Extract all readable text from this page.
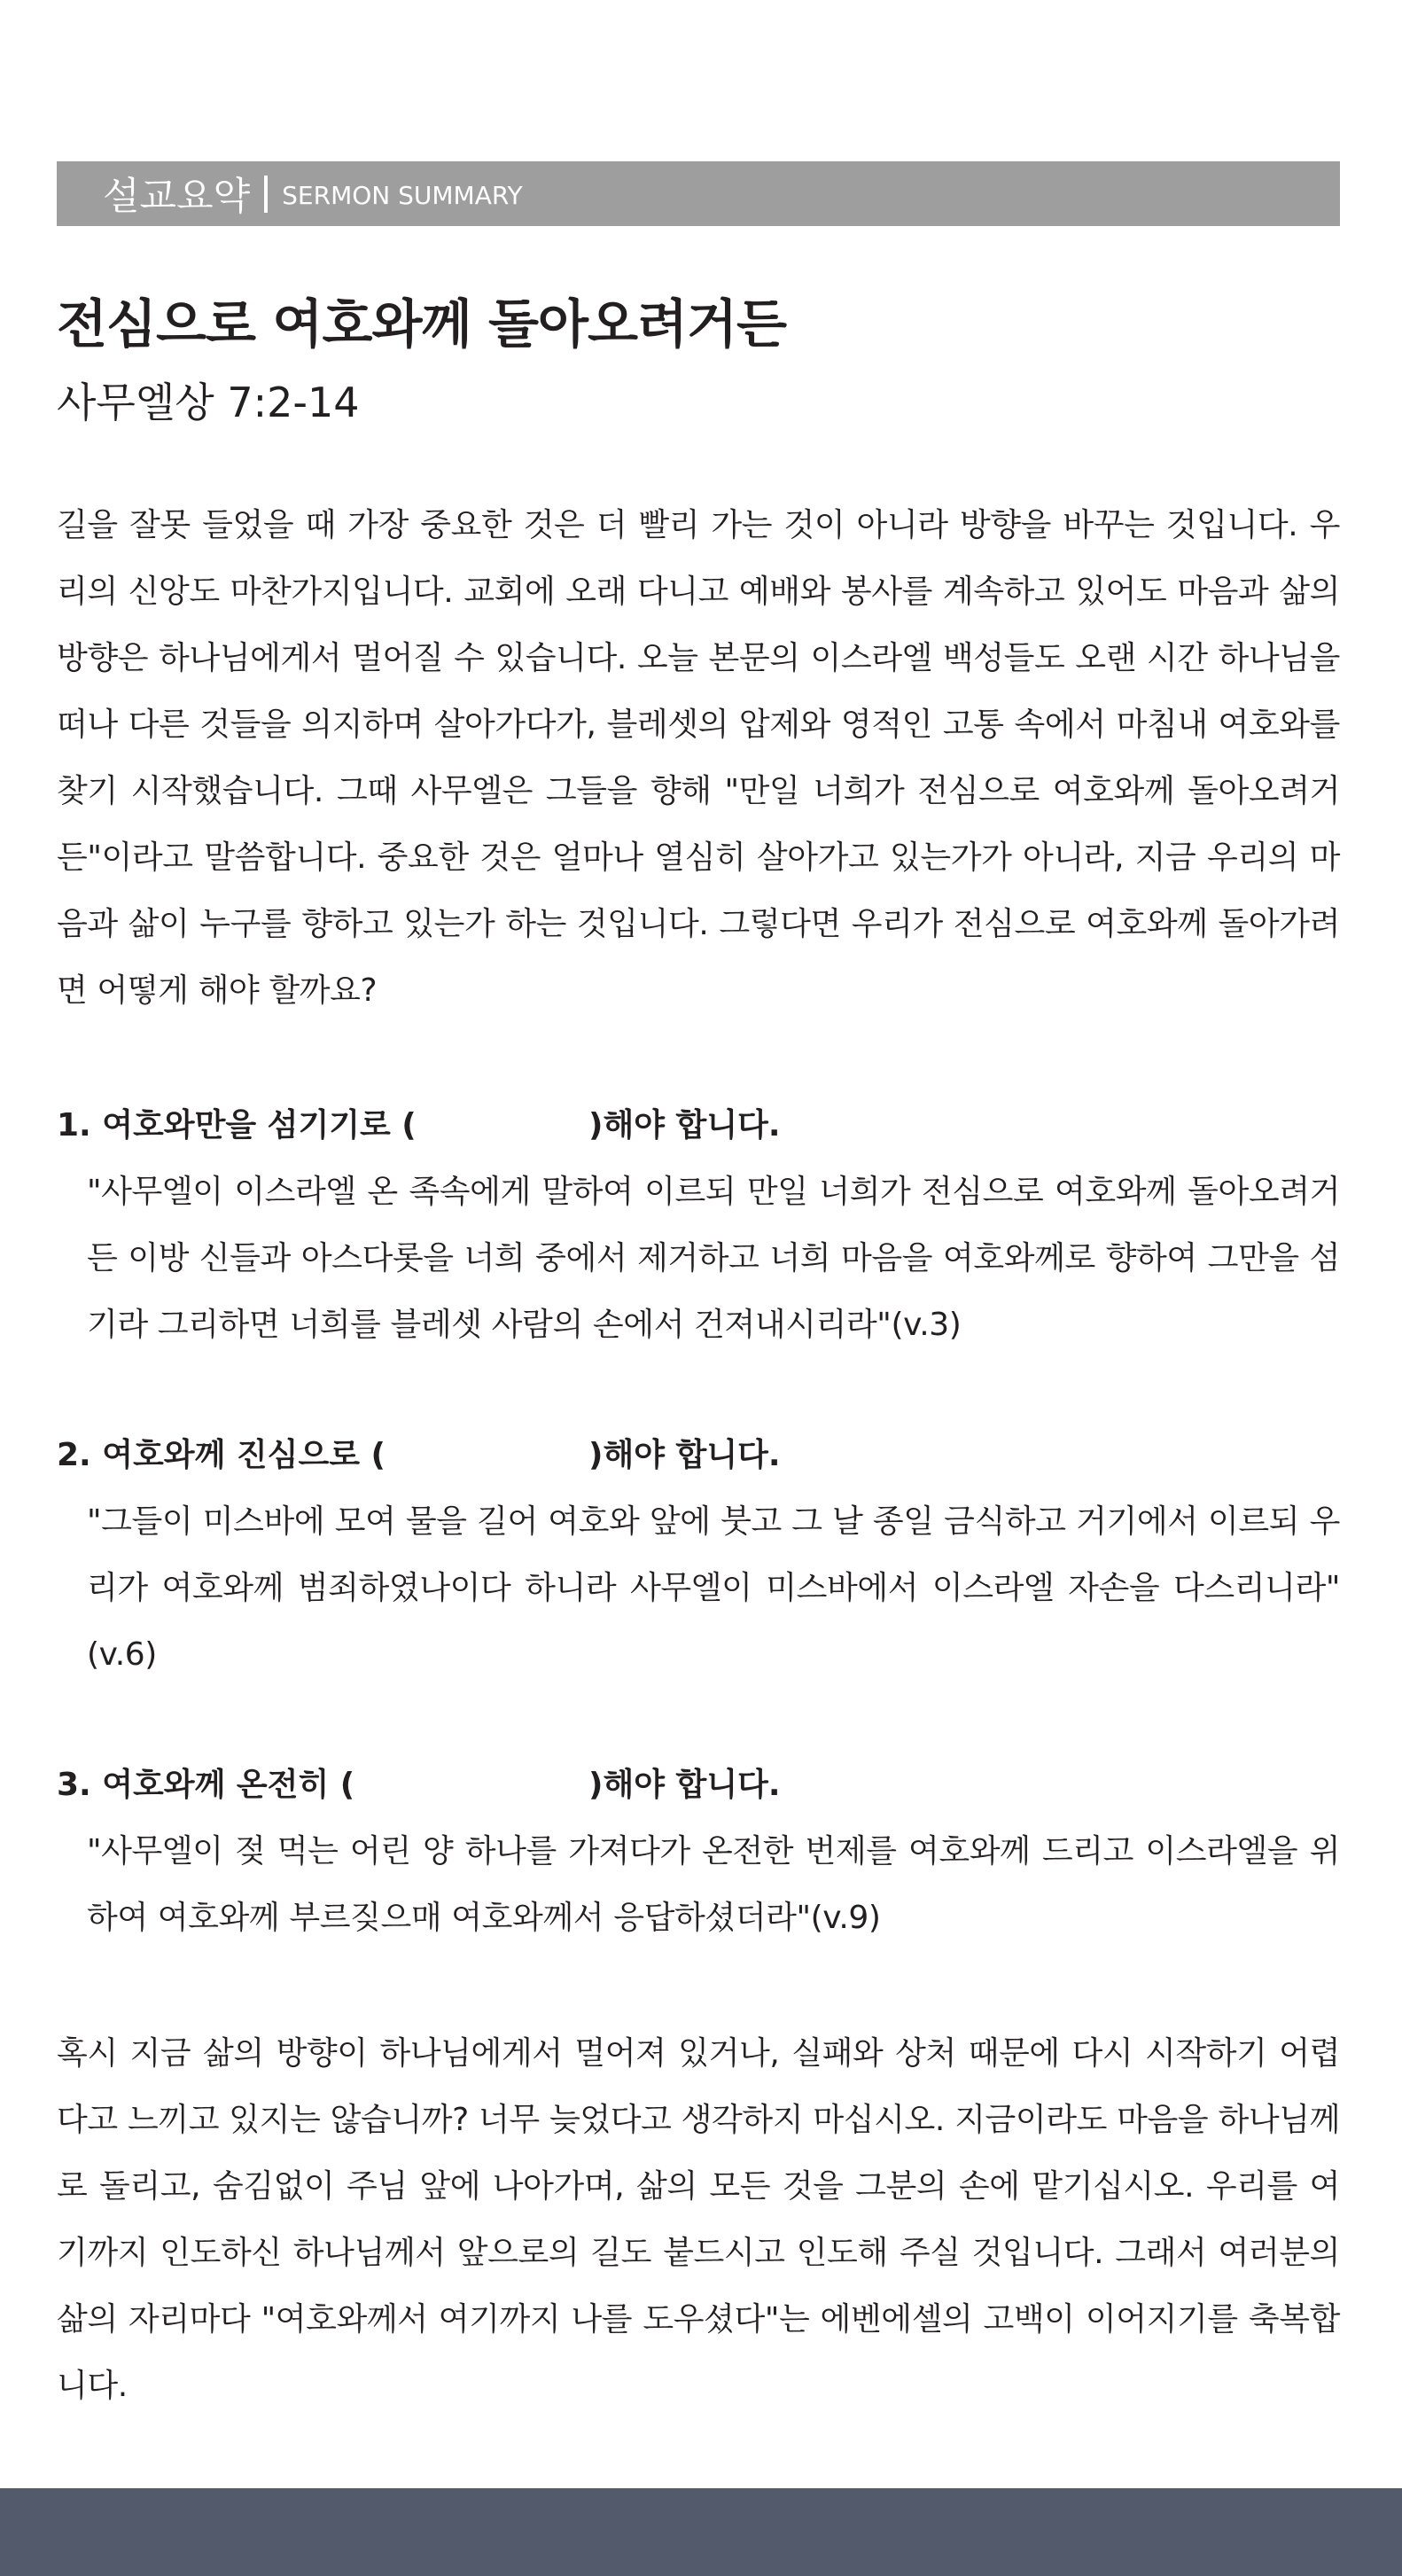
설교요약 SERMON SUMMARY
전심으로 여호와께 돌아오려거든
사무엘상 7:2-14
길을 잘못 들었을 때 가장 중요한 것은 더 빨리 가는 것이 아니라 방향을 바꾸는 것입니다. 우리의 신앙도 마찬가지입니다. 교회에 오래 다니고 예배와 봉사를 계속하고 있어도 마음과 삶의 방향은 하나님에게서 멀어질 수 있습니다. 오늘 본문의 이스라엘 백성들도 오랜 시간 하나님을 떠나 다른 것들을 의지하며 살아가다가, 블레셋의 압제와 영적인 고통 속에서 마침내 여호와를 찾기 시작했습니다. 그때 사무엘은 그들을 향해 "만일 너희가 전심으로 여호와께 돌아오려거든"이라고 말씀합니다. 중요한 것은 얼마나 열심히 살아가고 있는가가 아니라, 지금 우리의 마음과 삶이 누구를 향하고 있는가 하는 것입니다. 그렇다면 우리가 전심으로 여호와께 돌아가려면 어떻게 해야 할까요?
1. 여호와만을 섬기기로 (	)해야 합니다.
"사무엘이 이스라엘 온 족속에게 말하여 이르되 만일 너희가 전심으로 여호와께 돌아오려거든 이방 신들과 아스다롯을 너희 중에서 제거하고 너희 마음을 여호와께로 향하여 그만을 섬기라 그리하면 너희를 블레셋 사람의 손에서 건져내시리라"(v.3)
2. 여호와께 진심으로 (	)해야 합니다.
"그들이 미스바에 모여 물을 길어 여호와 앞에 붓고 그 날 종일 금식하고 거기에서 이르되 우리가 여호와께 범죄하였나이다 하니라 사무엘이 미스바에서 이스라엘 자손을 다스리니라"(v.6)
3. 여호와께 온전히 (	)해야 합니다.
"사무엘이 젖 먹는 어린 양 하나를 가져다가 온전한 번제를 여호와께 드리고 이스라엘을 위하여 여호와께 부르짖으매 여호와께서 응답하셨더라"(v.9)
혹시 지금 삶의 방향이 하나님에게서 멀어져 있거나, 실패와 상처 때문에 다시 시작하기 어렵다고 느끼고 있지는 않습니까? 너무 늦었다고 생각하지 마십시오. 지금이라도 마음을 하나님께로 돌리고, 숨김없이 주님 앞에 나아가며, 삶의 모든 것을 그분의 손에 맡기십시오. 우리를 여기까지 인도하신 하나님께서 앞으로의 길도 붙드시고 인도해 주실 것입니다. 그래서 여러분의 삶의 자리마다 "여호와께서 여기까지 나를 도우셨다"는 에벤에셀의 고백이 이어지기를 축복합니다.
